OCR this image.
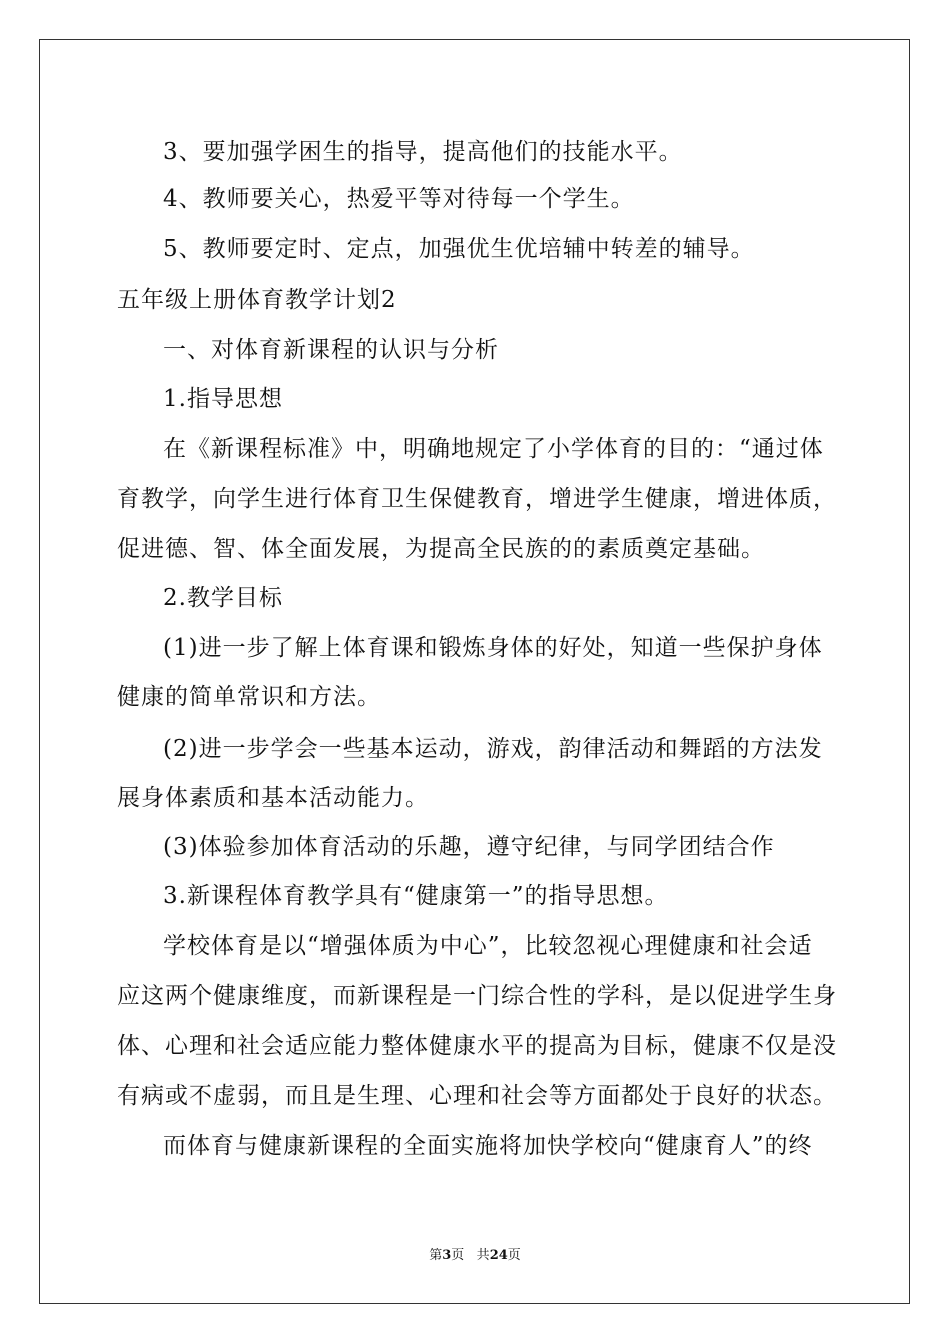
3、要加强学困生的指导，提高他们的技能水平。
4、教师要关心，热爱平等对待每一个学生。
5、教师要定时、定点，加强优生优培辅中转差的辅导。
五年级上册体育教学计划2
一、对体育新课程的认识与分析
1.指导思想
在《新课程标准》中，明确地规定了小学体育的目的：“通过体
育教学，向学生进行体育卫生保健教育，增进学生健康，增进体质，
促进德、智、体全面发展，为提高全民族的的素质奠定基础。
2.教学目标
(1)进一步了解上体育课和锻炼身体的好处，知道一些保护身体
健康的简单常识和方法。
(2)进一步学会一些基本运动，游戏，韵律活动和舞蹈的方法发
展身体素质和基本活动能力。
(3)体验参加体育活动的乐趣，遵守纪律，与同学团结合作
3.新课程体育教学具有“健康第一”的指导思想。
学校体育是以“增强体质为中心”，比较忽视心理健康和社会适
应这两个健康维度，而新课程是一门综合性的学科，是以促进学生身
体、心理和社会适应能力整体健康水平的提高为目标，健康不仅是没
有病或不虚弱，而且是生理、心理和社会等方面都处于良好的状态。
而体育与健康新课程的全面实施将加快学校向“健康育人”的终
第3页 共24页
